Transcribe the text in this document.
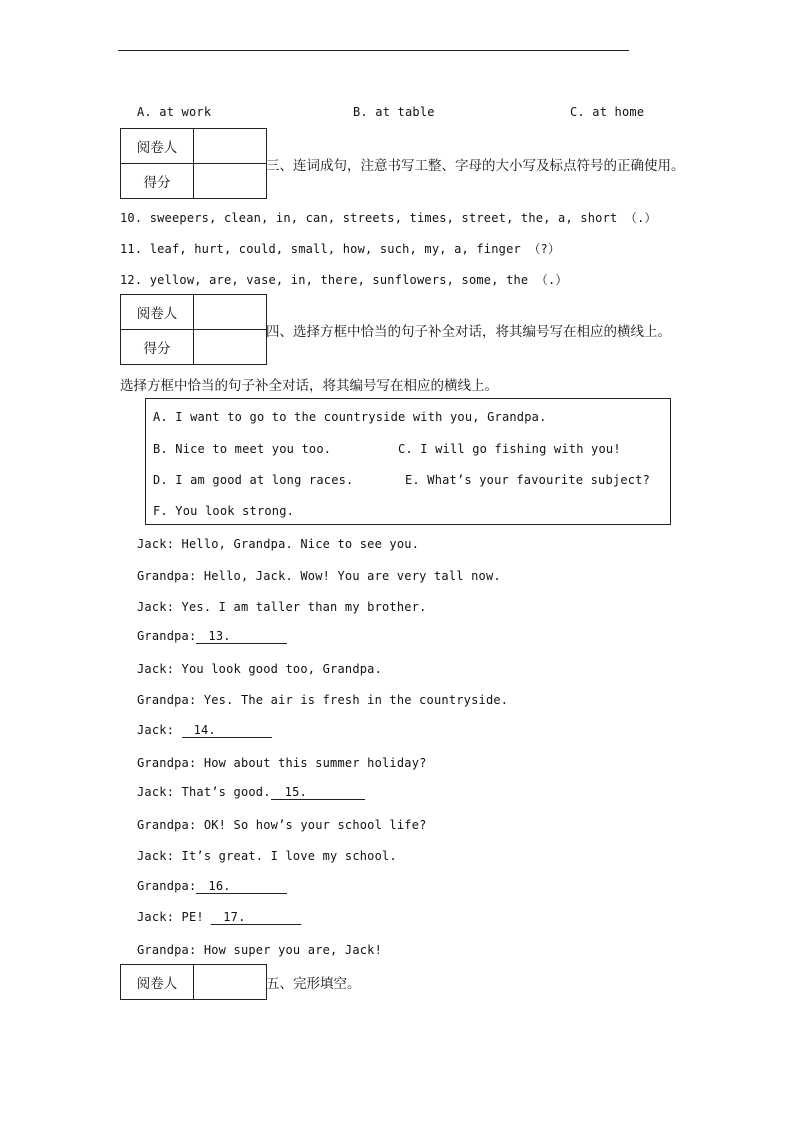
A. at work	B. at table	C. at home
阅卷人	
得分	
三、连词成句，注意书写工整、字母的大小写及标点符号的正确使用。
10. sweepers, clean, in, can, streets, times, street, the, a, short （.）
11. leaf, hurt, could, small, how, such, my, a, finger （?）
12. yellow, are, vase, in, there, sunflowers, some, the （.）
阅卷人	
得分	
四、选择方框中恰当的句子补全对话，将其编号写在相应的横线上。
选择方框中恰当的句子补全对话，将其编号写在相应的横线上。
A. I want to go to the countryside with you, Grandpa.
B. Nice to meet you too.	C. I will go fishing with you!
D. I am good at long races.	E. What’s your favourite subject?
F. You look strong.
Jack: Hello, Grandpa. Nice to see you.
Grandpa: Hello, Jack. Wow! You are very tall now.
Jack: Yes. I am taller than my brother.
Grandpa: 13.
Jack: You look good too, Grandpa.
Grandpa: Yes. The air is fresh in the countryside.
Jack: 14.
Grandpa: How about this summer holiday?
Jack: That’s good. 15.
Grandpa: OK! So how’s your school life?
Jack: It’s great. I love my school.
Grandpa: 16.
Jack: PE! 17.
Grandpa: How super you are, Jack!
阅卷人		五、完形填空。
